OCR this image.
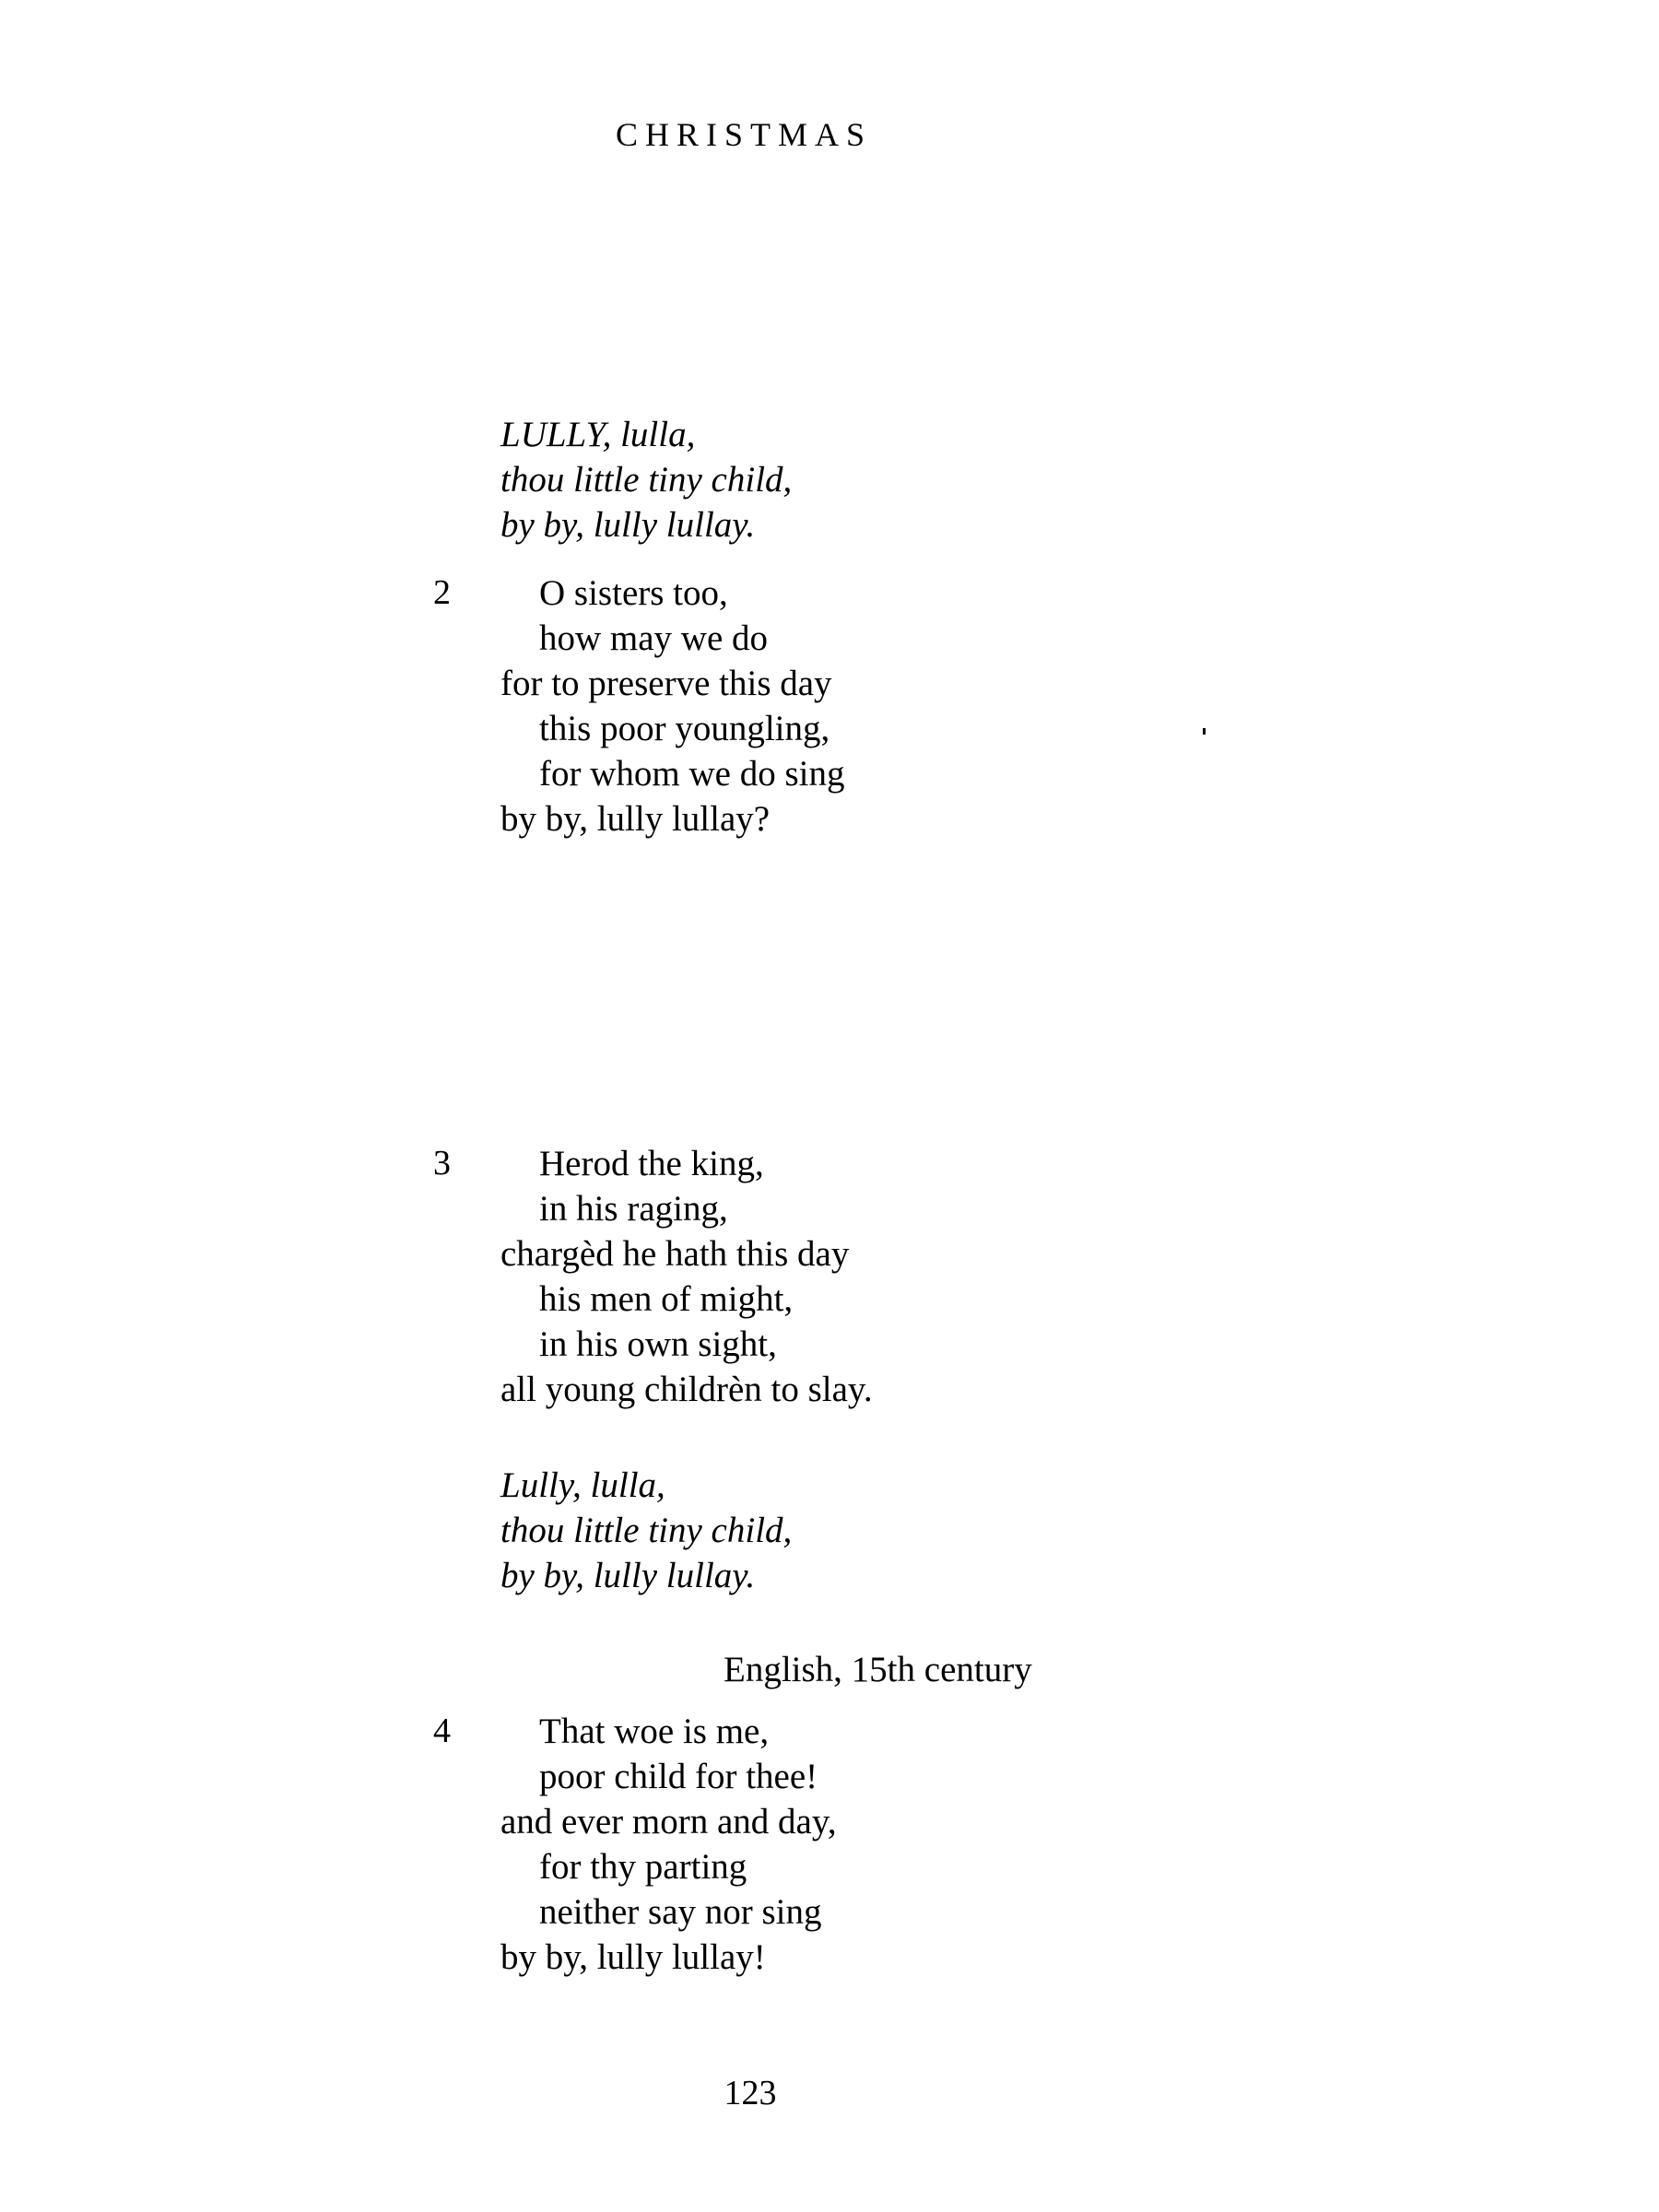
CHRISTMAS
LULLY, lulla,
thou little tiny child,
by by, lully lullay.
2	O sisters too,
how may we do
for to preserve this day
this poor youngling,
for whom we do sing
by by, lully lullay?
3	Herod the king,
in his raging,
chargèd he hath this day
his men of might,
in his own sight,
all young childrèn to slay.
4	That woe is me,
poor child for thee!
and ever morn and day,
for thy parting
neither say nor sing
by by, lully lullay!
Lully, lulla,
thou little tiny child,
by by, lully lullay.
English, 15th century
123
